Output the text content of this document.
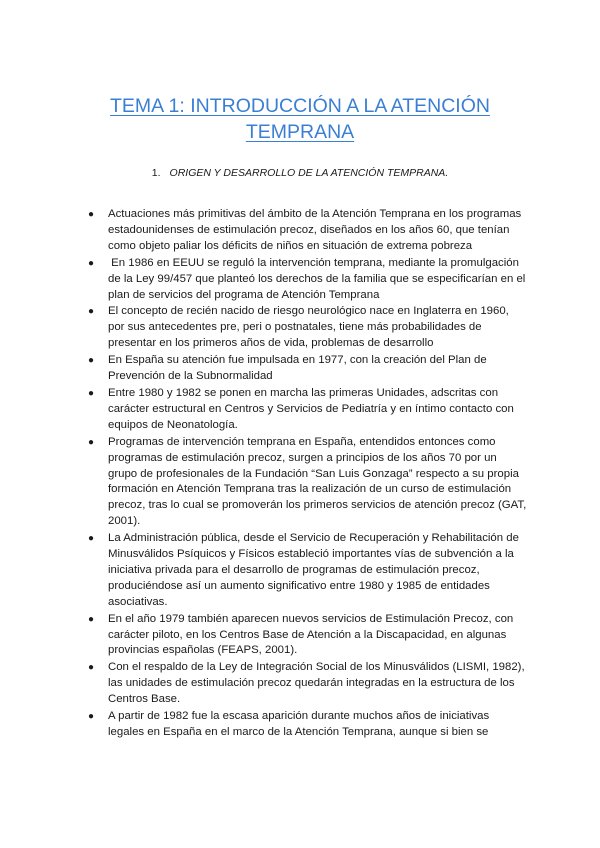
TEMA 1: INTRODUCCIÓN A LA ATENCIÓN
TEMPRANA

1. ORIGEN Y DESARROLLO DE LA ATENCIÓN TEMPRANA.

● Actuaciones más primitivas del ámbito de la Atención Temprana en los programas estadounidenses de estimulación precoz, diseñados en los años 60, que tenían como objeto paliar los déficits de niños en situación de extrema pobreza
● En 1986 en EEUU se reguló la intervención temprana, mediante la promulgación de la Ley 99/457 que planteó los derechos de la familia que se especificarían en el plan de servicios del programa de Atención Temprana
● El concepto de recién nacido de riesgo neurológico nace en Inglaterra en 1960, por sus antecedentes pre, peri o postnatales, tiene más probabilidades de presentar en los primeros años de vida, problemas de desarrollo
● En España su atención fue impulsada en 1977, con la creación del Plan de Prevención de la Subnormalidad
● Entre 1980 y 1982 se ponen en marcha las primeras Unidades, adscritas con carácter estructural en Centros y Servicios de Pediatría y en íntimo contacto con equipos de Neonatología.
● Programas de intervención temprana en España, entendidos entonces como programas de estimulación precoz, surgen a principios de los años 70 por un grupo de profesionales de la Fundación “San Luis Gonzaga” respecto a su propia formación en Atención Temprana tras la realización de un curso de estimulación precoz, tras lo cual se promoverán los primeros servicios de atención precoz (GAT, 2001).
● La Administración pública, desde el Servicio de Recuperación y Rehabilitación de Minusválidos Psíquicos y Físicos estableció importantes vías de subvención a la iniciativa privada para el desarrollo de programas de estimulación precoz, produciéndose así un aumento significativo entre 1980 y 1985 de entidades asociativas.
● En el año 1979 también aparecen nuevos servicios de Estimulación Precoz, con carácter piloto, en los Centros Base de Atención a la Discapacidad, en algunas provincias españolas (FEAPS, 2001).
● Con el respaldo de la Ley de Integración Social de los Minusválidos (LISMI, 1982), las unidades de estimulación precoz quedarán integradas en la estructura de los Centros Base.
● A partir de 1982 fue la escasa aparición durante muchos años de iniciativas legales en España en el marco de la Atención Temprana, aunque si bien se
